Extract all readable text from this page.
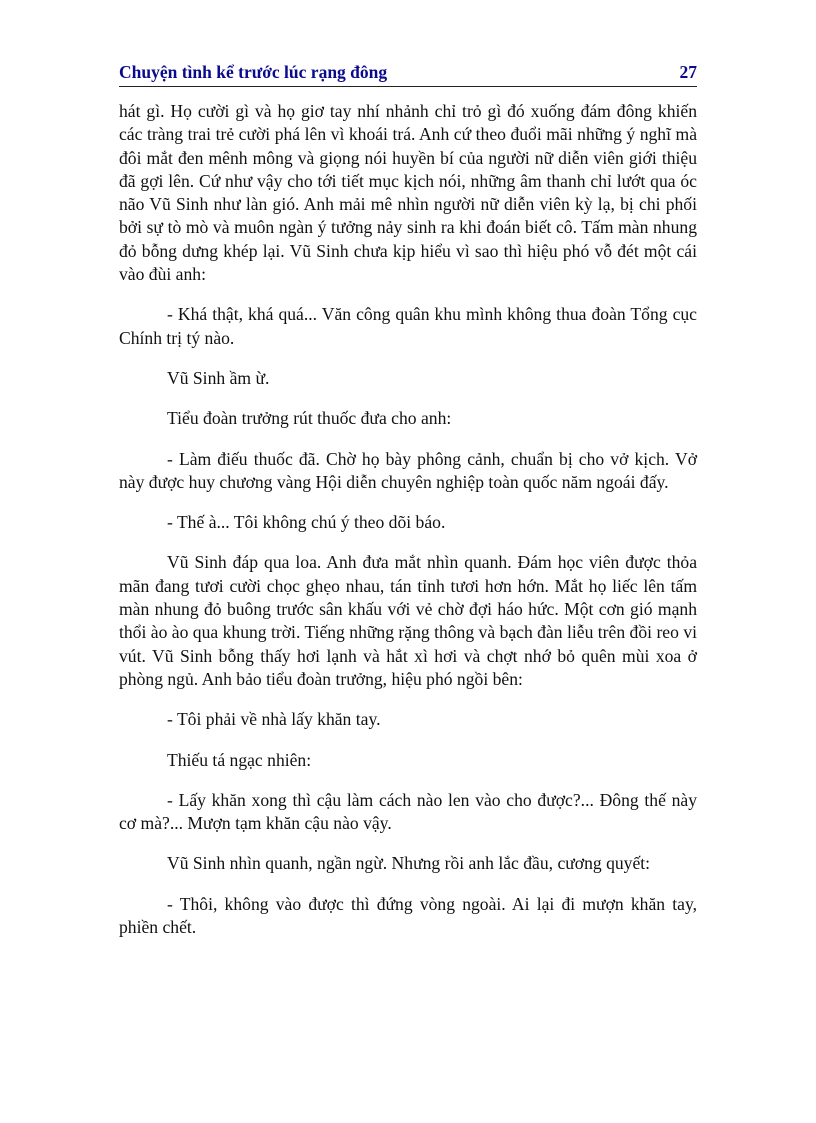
Chuyện tình kể trước lúc rạng đông	27

hát gì. Họ cười gì và họ giơ tay nhí nhảnh chỉ trỏ gì đó xuống đám đông khiến các tràng trai trẻ cười phá lên vì khoái trá. Anh cứ theo đuổi mãi những ý nghĩ mà đôi mắt đen mênh mông và giọng nói huyền bí của người nữ diễn viên giới thiệu đã gợi lên. Cứ như vậy cho tới tiết mục kịch nói, những âm thanh chỉ lướt qua óc não Vũ Sinh như làn gió. Anh mải mê nhìn người nữ diễn viên kỳ lạ, bị chi phối bởi sự tò mò và muôn ngàn ý tưởng nảy sinh ra khi đoán biết cô. Tấm màn nhung đỏ bỗng dưng khép lại. Vũ Sinh chưa kịp hiểu vì sao thì hiệu phó vỗ đét một cái vào đùi anh:

- Khá thật, khá quá... Văn công quân khu mình không thua đoàn Tổng cục Chính trị tý nào.

Vũ Sinh ầm ừ.

Tiểu đoàn trưởng rút thuốc đưa cho anh:

- Làm điếu thuốc đã. Chờ họ bày phông cảnh, chuẩn bị cho vở kịch. Vở này được huy chương vàng Hội diễn chuyên nghiệp toàn quốc năm ngoái đấy.

- Thế à... Tôi không chú ý theo dõi báo.

Vũ Sinh đáp qua loa. Anh đưa mắt nhìn quanh. Đám học viên được thỏa mãn đang tươi cười chọc ghẹo nhau, tán tỉnh tươi hơn hớn. Mắt họ liếc lên tấm màn nhung đỏ buông trước sân khấu với vẻ chờ đợi háo hức. Một cơn gió mạnh thổi ào ào qua khung trời. Tiếng những rặng thông và bạch đàn liễu trên đồi reo vi vút. Vũ Sinh bỗng thấy hơi lạnh và hắt xì hơi và chợt nhớ bỏ quên mùi xoa ở phòng ngủ. Anh bảo tiểu đoàn trưởng, hiệu phó ngồi bên:

- Tôi phải về nhà lấy khăn tay.

Thiếu tá ngạc nhiên:

- Lấy khăn xong thì cậu làm cách nào len vào cho được?... Đông thế này cơ mà?... Mượn tạm khăn cậu nào vậy.

Vũ Sinh nhìn quanh, ngần ngừ. Nhưng rồi anh lắc đầu, cương quyết:

- Thôi, không vào được thì đứng vòng ngoài. Ai lại đi mượn khăn tay, phiền chết.
